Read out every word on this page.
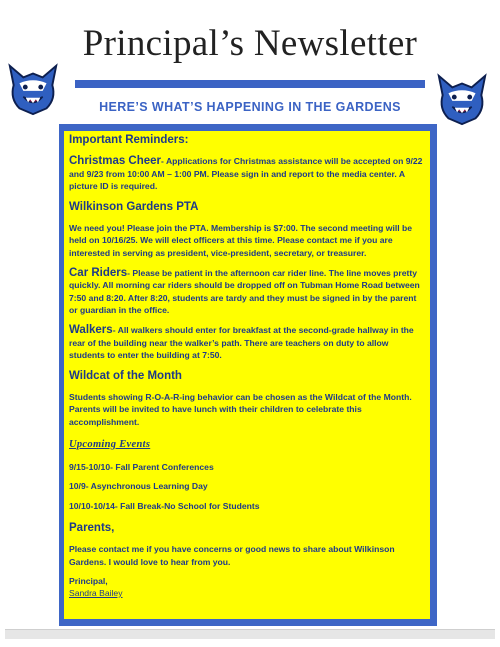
Principal’s Newsletter
HERE’S WHAT’S HAPPENING IN THE GARDENS
Important Reminders:
Christmas Cheer- Applications for Christmas assistance will be accepted on 9/22 and 9/23 from 10:00 AM – 1:00 PM. Please sign in and report to the media center. A picture ID is required.
Wilkinson Gardens PTA
We need you! Please join the PTA. Membership is $7:00. The second meeting will be held on 10/16/25. We will elect officers at this time. Please contact me if you are interested in serving as president, vice-president, secretary, or treasurer.
Car Riders- Please be patient in the afternoon car rider line. The line moves pretty quickly. All morning car riders should be dropped off on Tubman Home Road between 7:50 and 8:20. After 8:20, students are tardy and they must be signed in by the parent or guardian in the office.
Walkers- All walkers should enter for breakfast at the second-grade hallway in the rear of the building near the walker’s path. There are teachers on duty to allow students to enter the building at 7:50.
Wildcat of the Month
Students showing R-O-A-R-ing behavior can be chosen as the Wildcat of the Month. Parents will be invited to have lunch with their children to celebrate this accomplishment.
Upcoming Events
9/15-10/10- Fall Parent Conferences
10/9- Asynchronous Learning Day
10/10-10/14- Fall Break-No School for Students
Parents,
Please contact me if you have concerns or good news to share about Wilkinson Gardens. I would love to hear from you.
Principal,
Sandra Bailey
